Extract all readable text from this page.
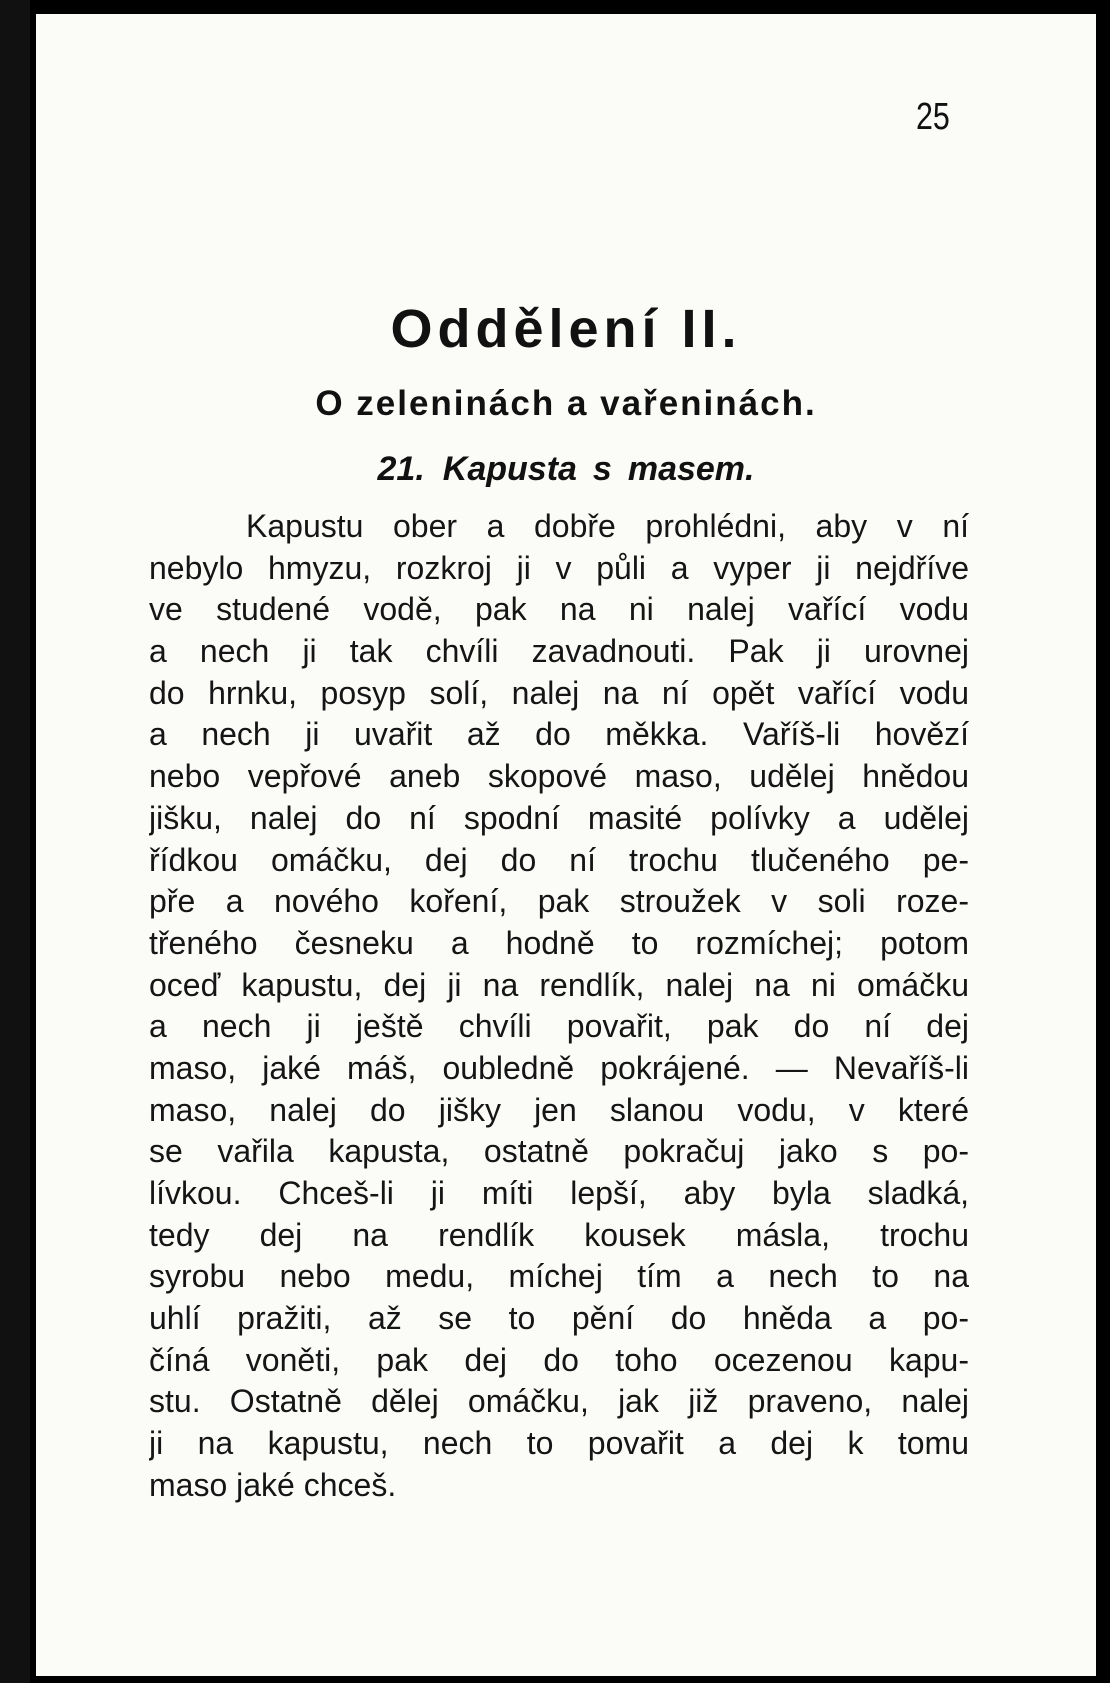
25
Oddělení II.
O zeleninách a vařeninách.
21. Kapusta s masem.
Kapustu ober a dobře prohlédni, aby v ní
nebylo hmyzu, rozkroj ji v půli a vyper ji nejdříve
ve studené vodě, pak na ni nalej vařící vodu
a nech ji tak chvíli zavadnouti. Pak ji urovnej
do hrnku, posyp solí, nalej na ní opět vařící vodu
a nech ji uvařit až do měkka. Vaříš-li hovězí
nebo vepřové aneb skopové maso, udělej hnědou
jišku, nalej do ní spodní masité polívky a udělej
řídkou omáčku, dej do ní trochu tlučeného pe-
pře a nového koření, pak stroužek v soli roze-
třeného česneku a hodně to rozmíchej; potom
oceď kapustu, dej ji na rendlík, nalej na ni omáčku
a nech ji ještě chvíli povařit, pak do ní dej
maso, jaké máš, oubledně pokrájené. — Nevaříš-li
maso, nalej do jišky jen slanou vodu, v které
se vařila kapusta, ostatně pokračuj jako s po-
lívkou. Chceš-li ji míti lepší, aby byla sladká,
tedy dej na rendlík kousek másla, trochu
syrobu nebo medu, míchej tím a nech to na
uhlí pražiti, až se to pění do hněda a po-
číná voněti, pak dej do toho ocezenou kapu-
stu. Ostatně dělej omáčku, jak již praveno, nalej
ji na kapustu, nech to povařit a dej k tomu
maso jaké chceš.
